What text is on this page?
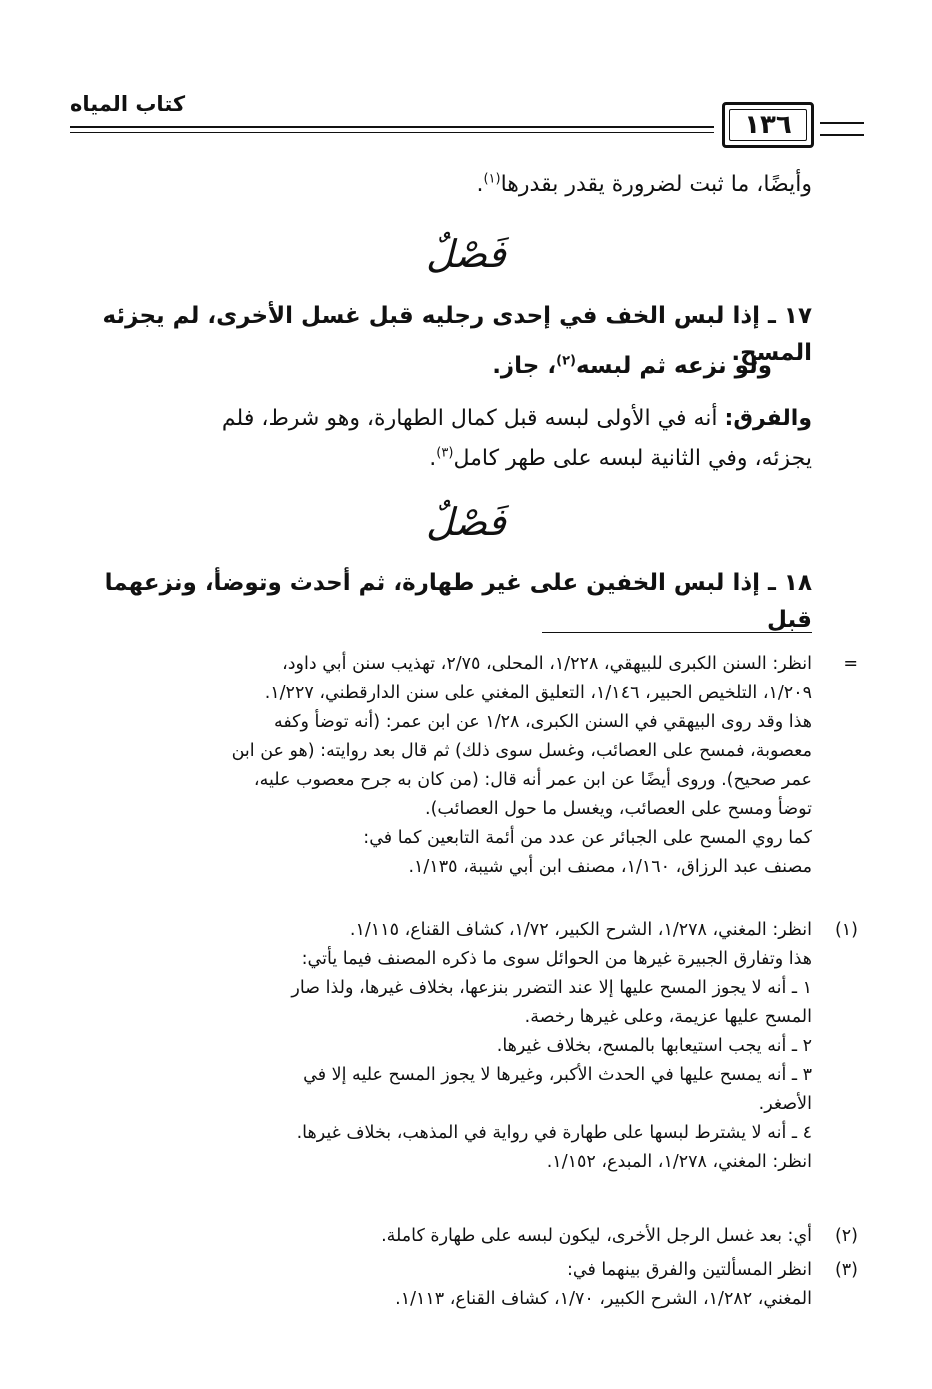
كتاب المياه
١٣٦
وأيضًا، ما ثبت لضرورة يقدر بقدرها$^{(١)}$.
فَصْلٌ
١٧ ـ إذا لبس الخف في إحدى رجليه قبل غسل الأخرى، لم يجزئه المسح.
ولو نزعه ثم لبسه$^{(٢)}$، جاز.
والفرق: أنه في الأولى لبسه قبل كمال الطهارة، وهو شرط، فلم
يجزئه، وفي الثانية لبسه على طهر كامل$^{(٣)}$.
فَصْلٌ
١٨ ـ إذا لبس الخفين على غير طهارة، ثم أحدث وتوضأ، ونزعهما قبل
=
انظر: السنن الكبرى للبيهقي، ١/٢٢٨، المحلى، ٢/٧٥، تهذيب سنن أبي داود،
١/٢٠٩، التلخيص الحبير، ١/١٤٦، التعليق المغني على سنن الدارقطني، ١/٢٢٧.
هذا وقد روى البيهقي في السنن الكبرى، ١/٢٨ عن ابن عمر: (أنه توضأ وكفه
معصوبة، فمسح على العصائب، وغسل سوى ذلك) ثم قال بعد روايته: (هو عن ابن
عمر صحيح). وروى أيضًا عن ابن عمر أنه قال: (من كان به جرح معصوب عليه،
توضأ ومسح على العصائب، ويغسل ما حول العصائب).
كما روي المسح على الجبائر عن عدد من أئمة التابعين كما في:
مصنف عبد الرزاق، ١/١٦٠، مصنف ابن أبي شيبة، ١/١٣٥.
(١)
انظر: المغني، ١/٢٧٨، الشرح الكبير، ١/٧٢، كشاف القناع، ١/١١٥.
هذا وتفارق الجبيرة غيرها من الحوائل سوى ما ذكره المصنف فيما يأتي:
١ ـ أنه لا يجوز المسح عليها إلا عند التضرر بنزعها، بخلاف غيرها، ولذا صار
المسح عليها عزيمة، وعلى غيرها رخصة.
٢ ـ أنه يجب استيعابها بالمسح، بخلاف غيرها.
٣ ـ أنه يمسح عليها في الحدث الأكبر، وغيرها لا يجوز المسح عليه إلا في
الأصغر.
٤ ـ أنه لا يشترط لبسها على طهارة في رواية في المذهب، بخلاف غيرها.
انظر: المغني، ١/٢٧٨، المبدع، ١/١٥٢.
(٢)
أي: بعد غسل الرجل الأخرى، ليكون لبسه على طهارة كاملة.
(٣)
انظر المسألتين والفرق بينهما في:
المغني، ١/٢٨٢، الشرح الكبير، ١/٧٠، كشاف القناع، ١/١١٣.
